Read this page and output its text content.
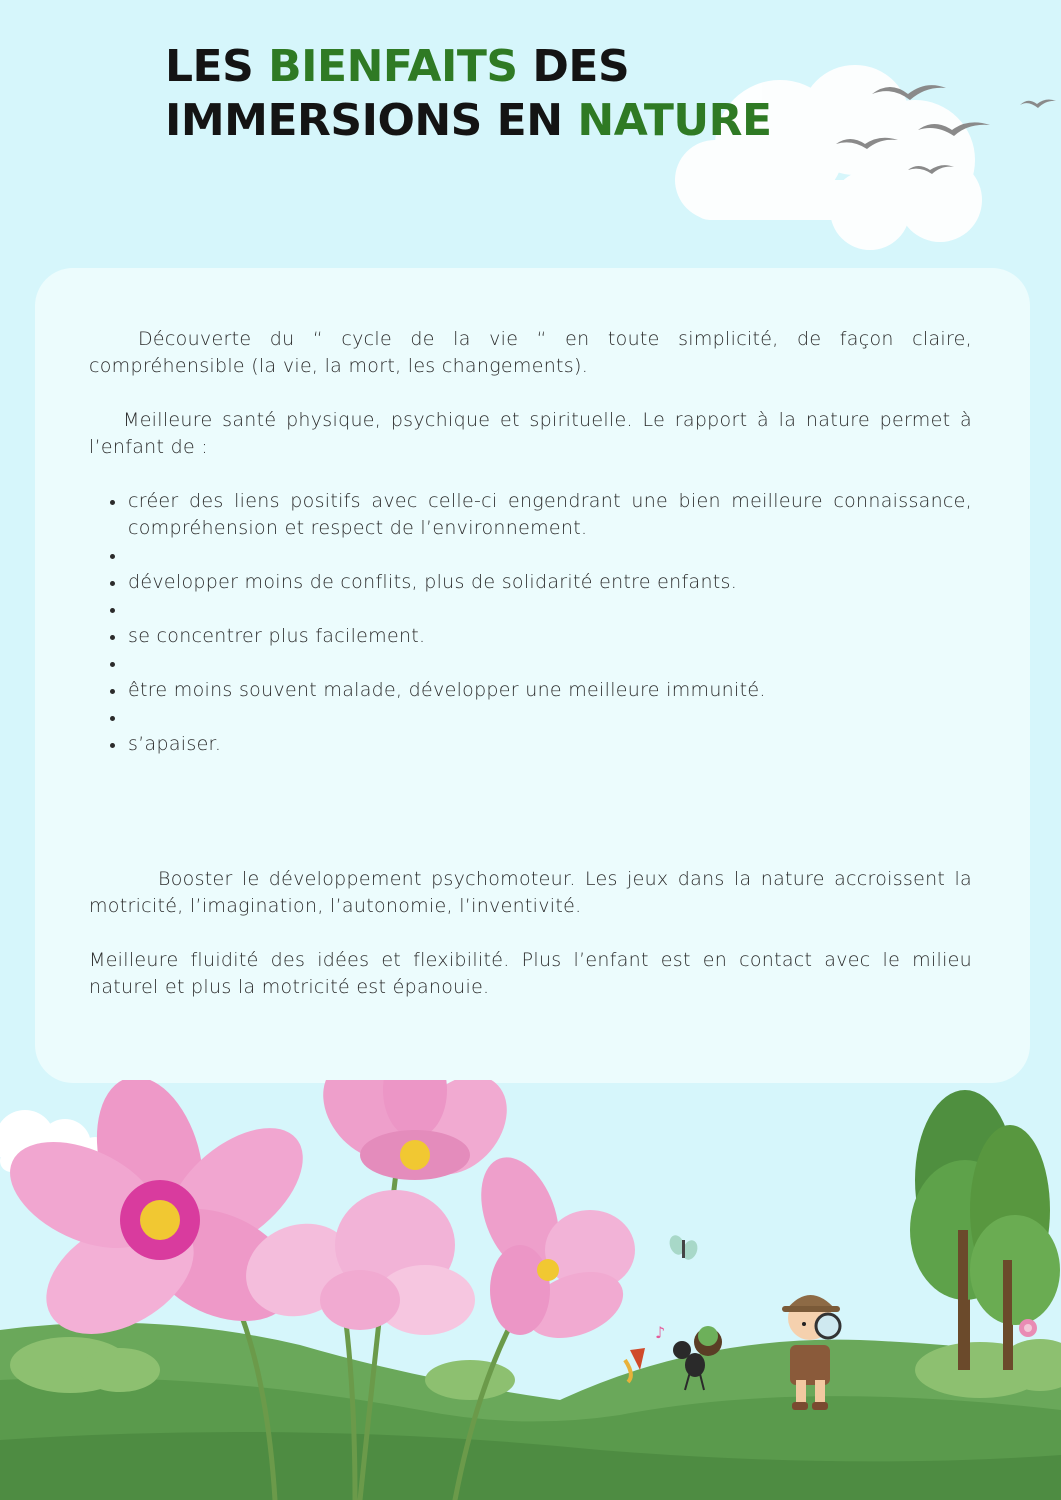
LES BIENFAITS DES
IMMERSIONS EN NATURE

Découverte du “ cycle de la vie “ en toute simplicité, de façon claire, compréhensible (la vie, la mort, les changements).

Meilleure santé physique, psychique et spirituelle. Le rapport à la nature permet à l’enfant de :

créer des liens positifs avec celle-ci engendrant une bien meilleure connaissance, compréhension et respect de l’environnement.
développer moins de conflits, plus de solidarité entre enfants.
se concentrer plus facilement.
être moins souvent malade, développer une meilleure immunité.
s’apaiser.

Booster le développement psychomoteur. Les jeux dans la nature accroissent la motricité, l’imagination, l’autonomie, l’inventivité.

Meilleure fluidité des idées et flexibilité. Plus l’enfant est en contact avec le milieu naturel et plus la motricité est épanouie.

♪
